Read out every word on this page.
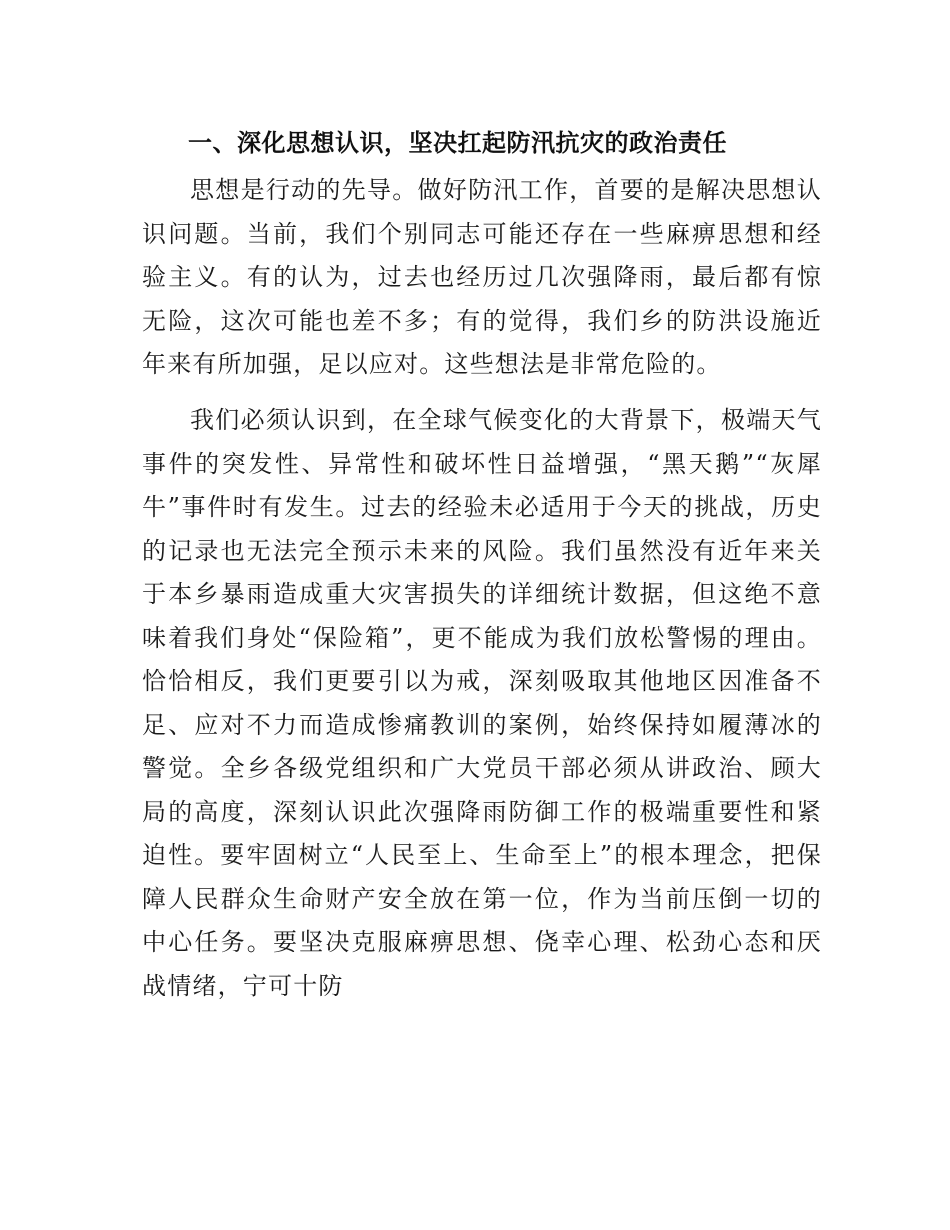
一、深化思想认识，坚决扛起防汛抗灾的政治责任

思想是行动的先导。做好防汛工作，首要的是解决思想认识问题。当前，我们个别同志可能还存在一些麻痹思想和经验主义。有的认为，过去也经历过几次强降雨，最后都有惊无险，这次可能也差不多；有的觉得，我们乡的防洪设施近年来有所加强，足以应对。这些想法是非常危险的。

我们必须认识到，在全球气候变化的大背景下，极端天气事件的突发性、异常性和破坏性日益增强，“黑天鹅”“灰犀牛”事件时有发生。过去的经验未必适用于今天的挑战，历史的记录也无法完全预示未来的风险。我们虽然没有近年来关于本乡暴雨造成重大灾害损失的详细统计数据，但这绝不意味着我们身处“保险箱”，更不能成为我们放松警惕的理由。恰恰相反，我们更要引以为戒，深刻吸取其他地区因准备不足、应对不力而造成惨痛教训的案例，始终保持如履薄冰的警觉。全乡各级党组织和广大党员干部必须从讲政治、顾大局的高度，深刻认识此次强降雨防御工作的极端重要性和紧迫性。要牢固树立“人民至上、生命至上”的根本理念，把保障人民群众生命财产安全放在第一位，作为当前压倒一切的中心任务。要坚决克服麻痹思想、侥幸心理、松劲心态和厌战情绪，宁可十防
